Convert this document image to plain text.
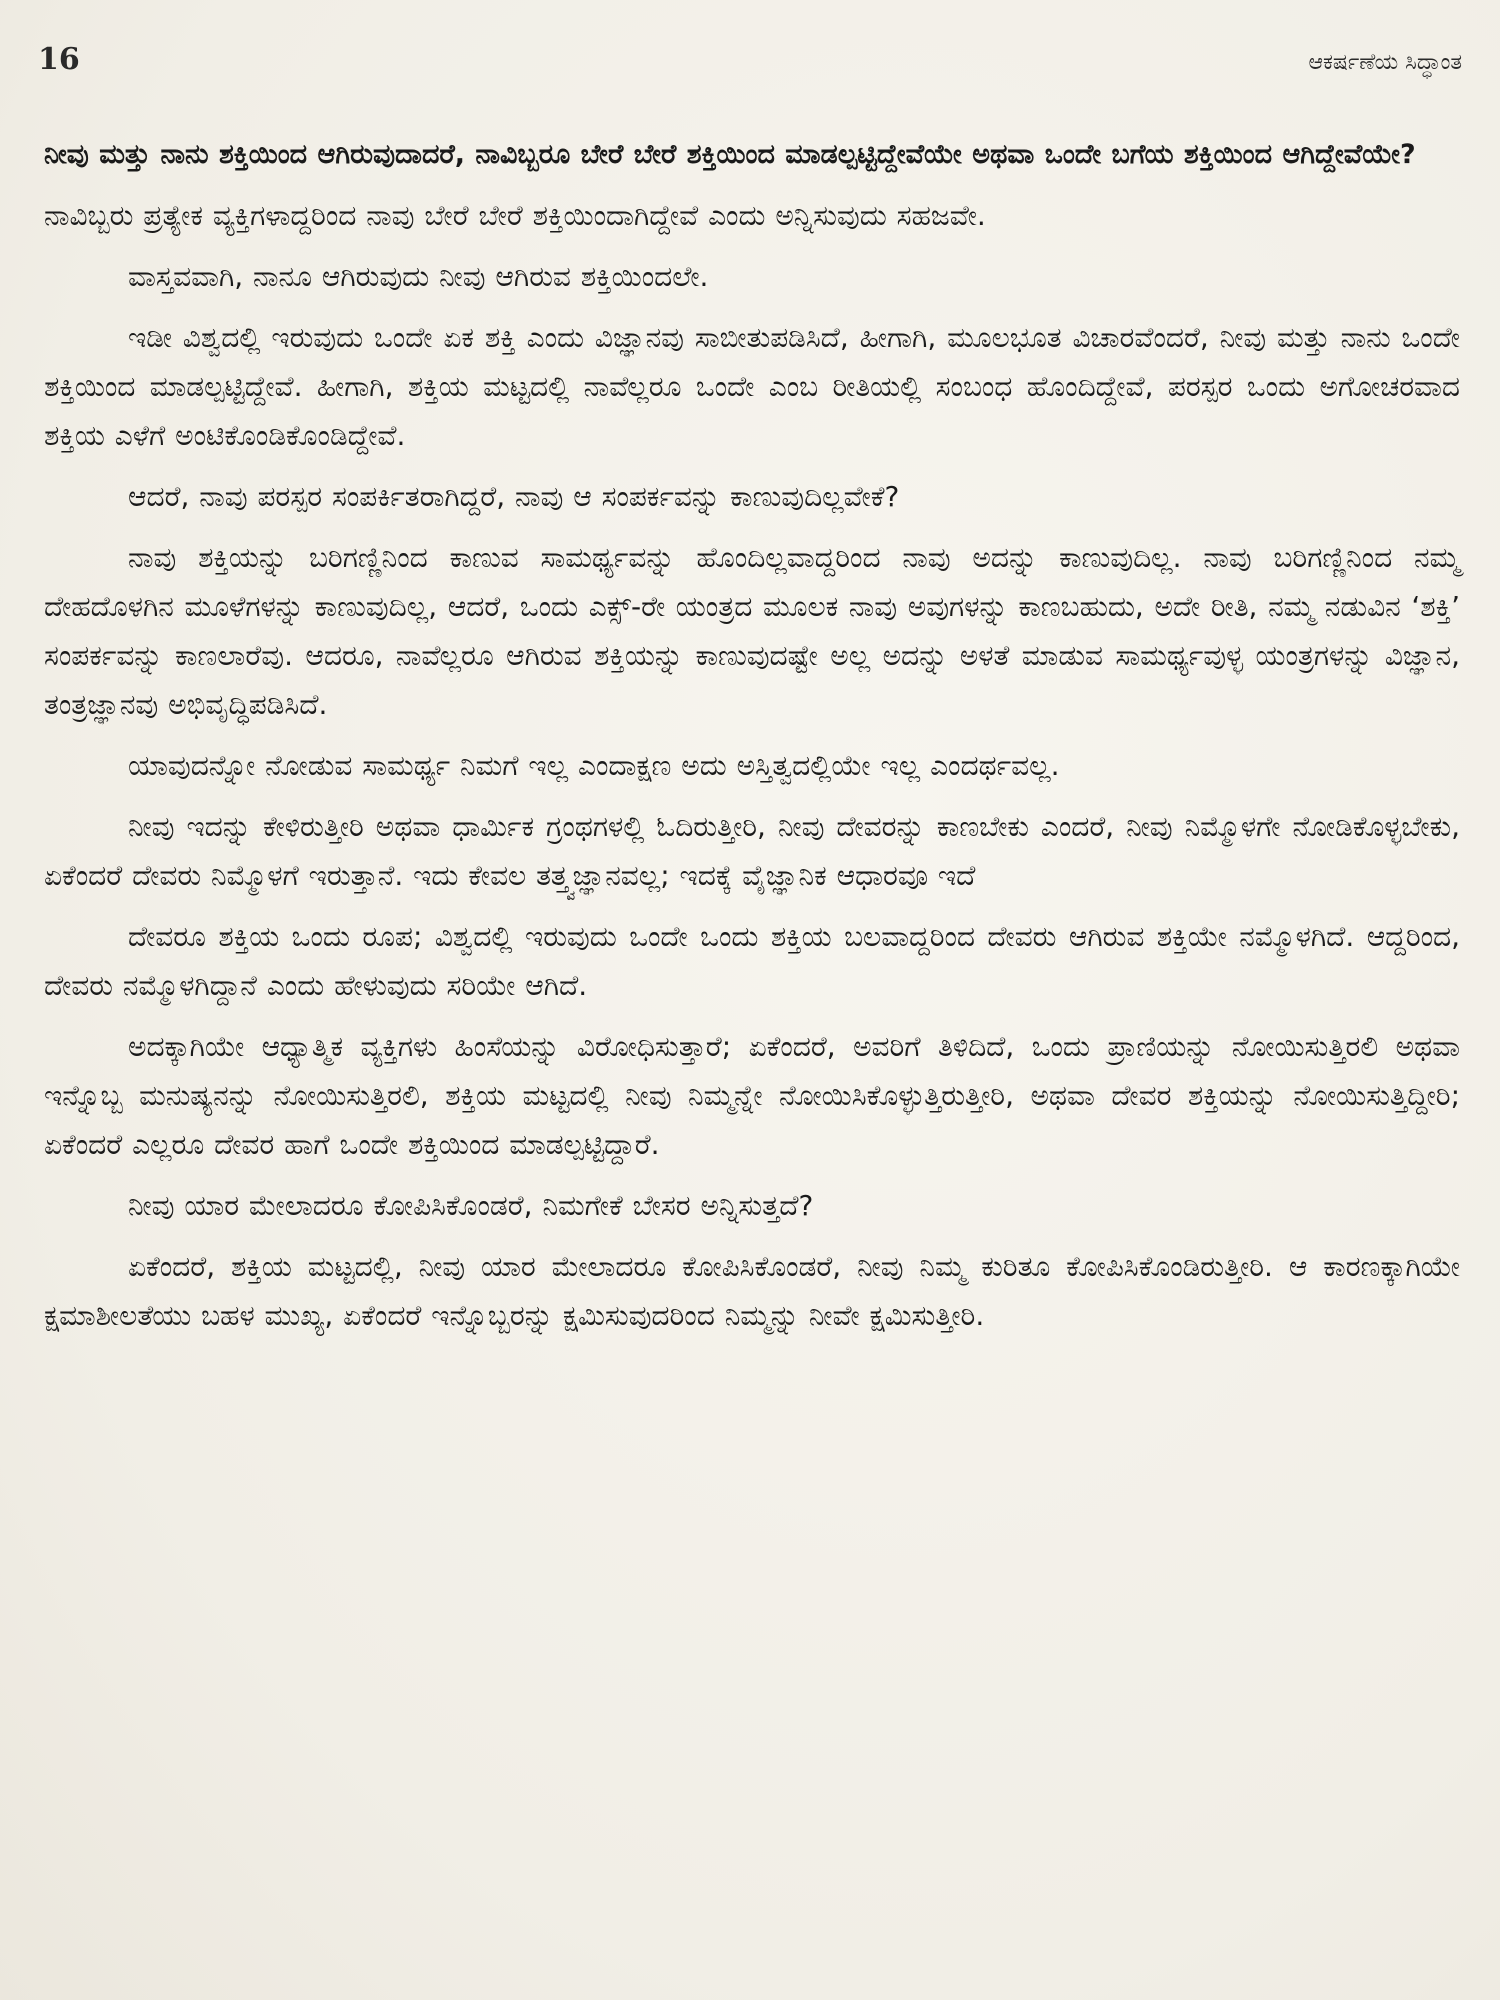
16	ಆಕರ್ಷಣೆಯ ಸಿದ್ಧಾಂತ

ನೀವು ಮತ್ತು ನಾನು ಶಕ್ತಿಯಿಂದ ಆಗಿರುವುದಾದರೆ, ನಾವಿಬ್ಬರೂ ಬೇರೆ ಬೇರೆ ಶಕ್ತಿಯಿಂದ ಮಾಡಲ್ಪಟ್ಟಿದ್ದೇವೆಯೇ ಅಥವಾ ಒಂದೇ ಬಗೆಯ ಶಕ್ತಿಯಿಂದ ಆಗಿದ್ದೇವೆಯೇ?

ನಾವಿಬ್ಬರು ಪ್ರತ್ಯೇಕ ವ್ಯಕ್ತಿಗಳಾದ್ದರಿಂದ ನಾವು ಬೇರೆ ಬೇರೆ ಶಕ್ತಿಯಿಂದಾಗಿದ್ದೇವೆ ಎಂದು ಅನ್ನಿಸುವುದು ಸಹಜವೇ.

ವಾಸ್ತವವಾಗಿ, ನಾನೂ ಆಗಿರುವುದು ನೀವು ಆಗಿರುವ ಶಕ್ತಿಯಿಂದಲೇ.

ಇಡೀ ವಿಶ್ವದಲ್ಲಿ ಇರುವುದು ಒಂದೇ ಏಕ ಶಕ್ತಿ ಎಂದು ವಿಜ್ಞಾನವು ಸಾಬೀತುಪಡಿಸಿದೆ, ಹೀಗಾಗಿ, ಮೂಲಭೂತ ವಿಚಾರವೆಂದರೆ, ನೀವು ಮತ್ತು ನಾನು ಒಂದೇ ಶಕ್ತಿಯಿಂದ ಮಾಡಲ್ಪಟ್ಟಿದ್ದೇವೆ. ಹೀಗಾಗಿ, ಶಕ್ತಿಯ ಮಟ್ಟದಲ್ಲಿ ನಾವೆಲ್ಲರೂ ಒಂದೇ ಎಂಬ ರೀತಿಯಲ್ಲಿ ಸಂಬಂಧ ಹೊಂದಿದ್ದೇವೆ, ಪರಸ್ಪರ ಒಂದು ಅಗೋಚರವಾದ ಶಕ್ತಿಯ ಎಳೆಗೆ ಅಂಟಿಕೊಂಡಿಕೊಂಡಿದ್ದೇವೆ.

ಆದರೆ, ನಾವು ಪರಸ್ಪರ ಸಂಪರ್ಕಿತರಾಗಿದ್ದರೆ, ನಾವು ಆ ಸಂಪರ್ಕವನ್ನು ಕಾಣುವುದಿಲ್ಲವೇಕೆ?

ನಾವು ಶಕ್ತಿಯನ್ನು ಬರಿಗಣ್ಣಿನಿಂದ ಕಾಣುವ ಸಾಮರ್ಥ್ಯವನ್ನು ಹೊಂದಿಲ್ಲವಾದ್ದರಿಂದ ನಾವು ಅದನ್ನು ಕಾಣುವುದಿಲ್ಲ. ನಾವು ಬರಿಗಣ್ಣಿನಿಂದ ನಮ್ಮ ದೇಹದೊಳಗಿನ ಮೂಳೆಗಳನ್ನು ಕಾಣುವುದಿಲ್ಲ, ಆದರೆ, ಒಂದು ಎಕ್ಸ್-ರೇ ಯಂತ್ರದ ಮೂಲಕ ನಾವು ಅವುಗಳನ್ನು ಕಾಣಬಹುದು, ಅದೇ ರೀತಿ, ನಮ್ಮ ನಡುವಿನ ‘ಶಕ್ತಿ’ ಸಂಪರ್ಕವನ್ನು ಕಾಣಲಾರೆವು. ಆದರೂ, ನಾವೆಲ್ಲರೂ ಆಗಿರುವ ಶಕ್ತಿಯನ್ನು ಕಾಣುವುದಷ್ಟೇ ಅಲ್ಲ ಅದನ್ನು ಅಳತೆ ಮಾಡುವ ಸಾಮರ್ಥ್ಯವುಳ್ಳ ಯಂತ್ರಗಳನ್ನು ವಿಜ್ಞಾನ, ತಂತ್ರಜ್ಞಾನವು ಅಭಿವೃದ್ಧಿಪಡಿಸಿದೆ.

ಯಾವುದನ್ನೋ ನೋಡುವ ಸಾಮರ್ಥ್ಯ ನಿಮಗೆ ಇಲ್ಲ ಎಂದಾಕ್ಷಣ ಅದು ಅಸ್ತಿತ್ವದಲ್ಲಿಯೇ ಇಲ್ಲ ಎಂದರ್ಥವಲ್ಲ.

ನೀವು ಇದನ್ನು ಕೇಳಿರುತ್ತೀರಿ ಅಥವಾ ಧಾರ್ಮಿಕ ಗ್ರಂಥಗಳಲ್ಲಿ ಓದಿರುತ್ತೀರಿ, ನೀವು ದೇವರನ್ನು ಕಾಣಬೇಕು ಎಂದರೆ, ನೀವು ನಿಮ್ಮೊಳಗೇ ನೋಡಿಕೊಳ್ಳಬೇಕು, ಏಕೆಂದರೆ ದೇವರು ನಿಮ್ಮೊಳಗೆ ಇರುತ್ತಾನೆ. ಇದು ಕೇವಲ ತತ್ತ್ವಜ್ಞಾನವಲ್ಲ; ಇದಕ್ಕೆ ವೈಜ್ಞಾನಿಕ ಆಧಾರವೂ ಇದೆ

ದೇವರೂ ಶಕ್ತಿಯ ಒಂದು ರೂಪ; ವಿಶ್ವದಲ್ಲಿ ಇರುವುದು ಒಂದೇ ಒಂದು ಶಕ್ತಿಯ ಬಲವಾದ್ದರಿಂದ ದೇವರು ಆಗಿರುವ ಶಕ್ತಿಯೇ ನಮ್ಮೊಳಗಿದೆ. ಆದ್ದರಿಂದ, ದೇವರು ನಮ್ಮೊಳಗಿದ್ದಾನೆ ಎಂದು ಹೇಳುವುದು ಸರಿಯೇ ಆಗಿದೆ.

ಅದಕ್ಕಾಗಿಯೇ ಆಧ್ಯಾತ್ಮಿಕ ವ್ಯಕ್ತಿಗಳು ಹಿಂಸೆಯನ್ನು ವಿರೋಧಿಸುತ್ತಾರೆ; ಏಕೆಂದರೆ, ಅವರಿಗೆ ತಿಳಿದಿದೆ, ಒಂದು ಪ್ರಾಣಿಯನ್ನು ನೋಯಿಸುತ್ತಿರಲಿ ಅಥವಾ ಇನ್ನೊಬ್ಬ ಮನುಷ್ಯನನ್ನು ನೋಯಿಸುತ್ತಿರಲಿ, ಶಕ್ತಿಯ ಮಟ್ಟದಲ್ಲಿ ನೀವು ನಿಮ್ಮನ್ನೇ ನೋಯಿಸಿಕೊಳ್ಳುತ್ತಿರುತ್ತೀರಿ, ಅಥವಾ ದೇವರ ಶಕ್ತಿಯನ್ನು ನೋಯಿಸುತ್ತಿದ್ದೀರಿ; ಏಕೆಂದರೆ ಎಲ್ಲರೂ ದೇವರ ಹಾಗೆ ಒಂದೇ ಶಕ್ತಿಯಿಂದ ಮಾಡಲ್ಪಟ್ಟಿದ್ದಾರೆ.

ನೀವು ಯಾರ ಮೇಲಾದರೂ ಕೋಪಿಸಿಕೊಂಡರೆ, ನಿಮಗೇಕೆ ಬೇಸರ ಅನ್ನಿಸುತ್ತದೆ?

ಏಕೆಂದರೆ, ಶಕ್ತಿಯ ಮಟ್ಟದಲ್ಲಿ, ನೀವು ಯಾರ ಮೇಲಾದರೂ ಕೋಪಿಸಿಕೊಂಡರೆ, ನೀವು ನಿಮ್ಮ ಕುರಿತೂ ಕೋಪಿಸಿಕೊಂಡಿರುತ್ತೀರಿ. ಆ ಕಾರಣಕ್ಕಾಗಿಯೇ ಕ್ಷಮಾಶೀಲತೆಯು ಬಹಳ ಮುಖ್ಯ, ಏಕೆಂದರೆ ಇನ್ನೊಬ್ಬರನ್ನು ಕ್ಷಮಿಸುವುದರಿಂದ ನಿಮ್ಮನ್ನು ನೀವೇ ಕ್ಷಮಿಸುತ್ತೀರಿ.
